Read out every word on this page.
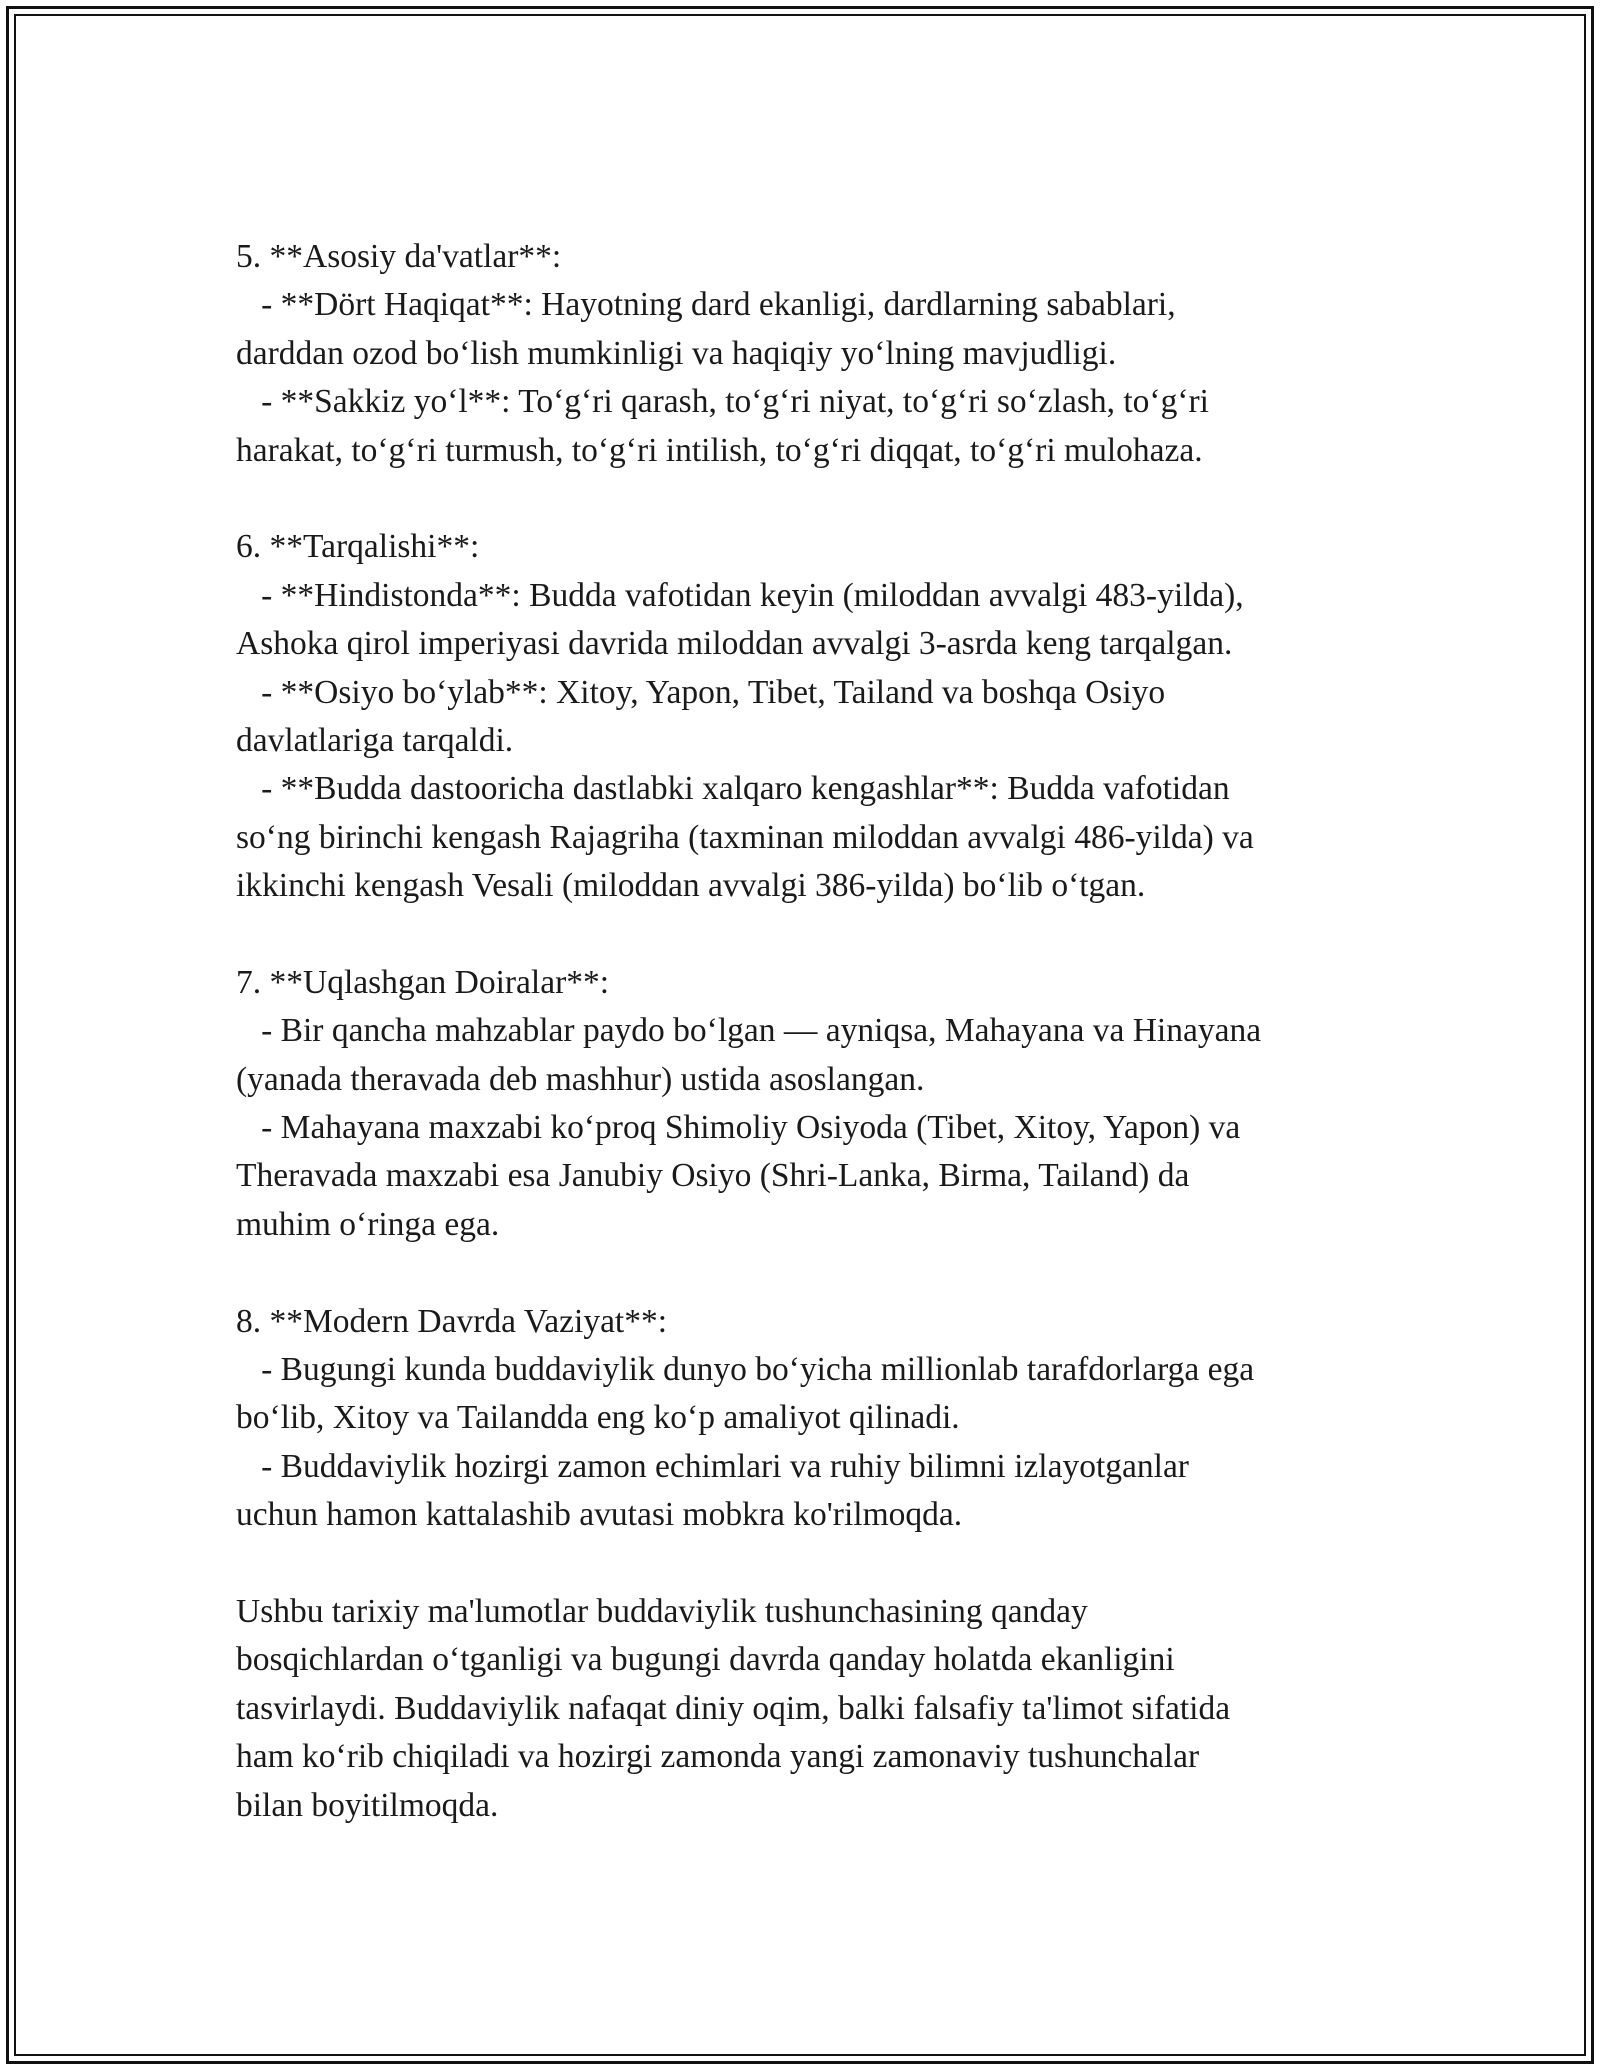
5. **Asosiy da'vatlar**:
- **Dört Haqiqat**: Hayotning dard ekanligi, dardlarning sabablari,
darddan ozod bo‘lish mumkinligi va haqiqiy yo‘lning mavjudligi.
- **Sakkiz yo‘l**: To‘g‘ri qarash, to‘g‘ri niyat, to‘g‘ri so‘zlash, to‘g‘ri
harakat, to‘g‘ri turmush, to‘g‘ri intilish, to‘g‘ri diqqat, to‘g‘ri mulohaza.
6. **Tarqalishi**:
- **Hindistonda**: Budda vafotidan keyin (miloddan avvalgi 483-yilda),
Ashoka qirol imperiyasi davrida miloddan avvalgi 3-asrda keng tarqalgan.
- **Osiyo bo‘ylab**: Xitoy, Yapon, Tibet, Tailand va boshqa Osiyo
davlatlariga tarqaldi.
- **Budda dastooricha dastlabki xalqaro kengashlar**: Budda vafotidan
so‘ng birinchi kengash Rajagriha (taxminan miloddan avvalgi 486-yilda) va
ikkinchi kengash Vesali (miloddan avvalgi 386-yilda) bo‘lib o‘tgan.
7. **Uqlashgan Doiralar**:
- Bir qancha mahzablar paydo bo‘lgan — ayniqsa, Mahayana va Hinayana
(yanada theravada deb mashhur) ustida asoslangan.
- Mahayana maxzabi ko‘proq Shimoliy Osiyoda (Tibet, Xitoy, Yapon) va
Theravada maxzabi esa Janubiy Osiyo (Shri-Lanka, Birma, Tailand) da
muhim o‘ringa ega.
8. **Modern Davrda Vaziyat**:
- Bugungi kunda buddaviylik dunyo bo‘yicha millionlab tarafdorlarga ega
bo‘lib, Xitoy va Tailandda eng ko‘p amaliyot qilinadi.
- Buddaviylik hozirgi zamon echimlari va ruhiy bilimni izlayotganlar
uchun hamon kattalashib avutasi mobkra ko'rilmoqda.
Ushbu tarixiy ma'lumotlar buddaviylik tushunchasining qanday
bosqichlardan o‘tganligi va bugungi davrda qanday holatda ekanligini
tasvirlaydi. Buddaviylik nafaqat diniy oqim, balki falsafiy ta'limot sifatida
ham ko‘rib chiqiladi va hozirgi zamonda yangi zamonaviy tushunchalar
bilan boyitilmoqda.
